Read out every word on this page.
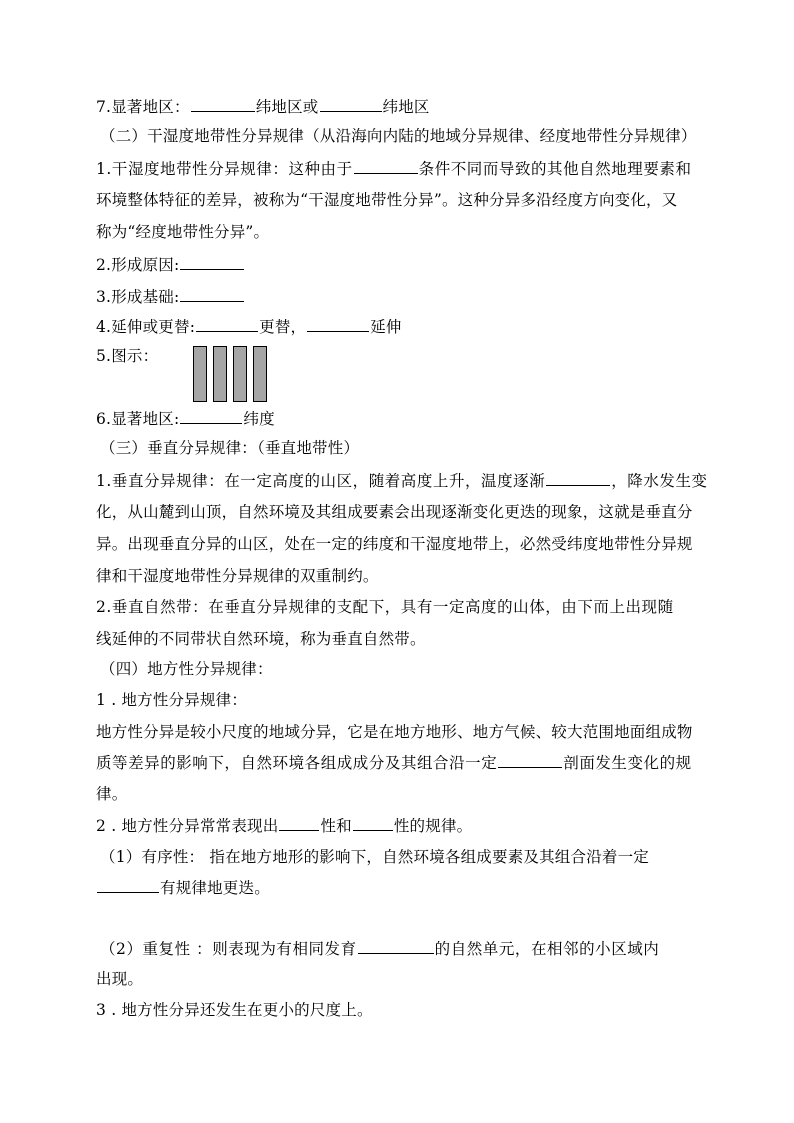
7.显著地区：	纬地区或	纬地区
（二）干湿度地带性分异规律（从沿海向内陆的地域分异规律、经度地带性分异规律）
1.干湿度地带性分异规律：这种由于	条件不同而导致的其他自然地理要素和
环境整体特征的差异，被称为“干湿度地带性分异”。这种分异多沿经度方向变化，又
称为“经度地带性分异”。
2.形成原因:
3.形成基础:
4.延伸或更替:	更替，	延伸
5.图示：
6.显著地区:	纬度
（三）垂直分异规律：（垂直地带性）
1.垂直分异规律：在一定高度的山区，随着高度上升，温度逐渐	，降水发生变
化，从山麓到山顶，自然环境及其组成要素会出现逐渐变化更迭的现象，这就是垂直分
异。出现垂直分异的山区，处在一定的纬度和干湿度地带上，必然受纬度地带性分异规
律和干湿度地带性分异规律的双重制约。
2.垂直自然带：在垂直分异规律的支配下，具有一定高度的山体，由下而上出现随
线延伸的不同带状自然环境，称为垂直自然带。
（四）地方性分异规律：
1 . 地方性分异规律：
地方性分异是较小尺度的地域分异，它是在地方地形、地方气候、较大范围地面组成物
质等差异的影响下，自然环境各组成成分及其组合沿一定	剖面发生变化的规
律。
2 . 地方性分异常常表现出	性和	性的规律。
（1）有序性： 指在地方地形的影响下，自然环境各组成要素及其组合沿着一定
有规律地更迭。
（2）重复性 ：则表现为有相同发育	的自然单元，在相邻的小区域内
出现。
3 . 地方性分异还发生在更小的尺度上。
